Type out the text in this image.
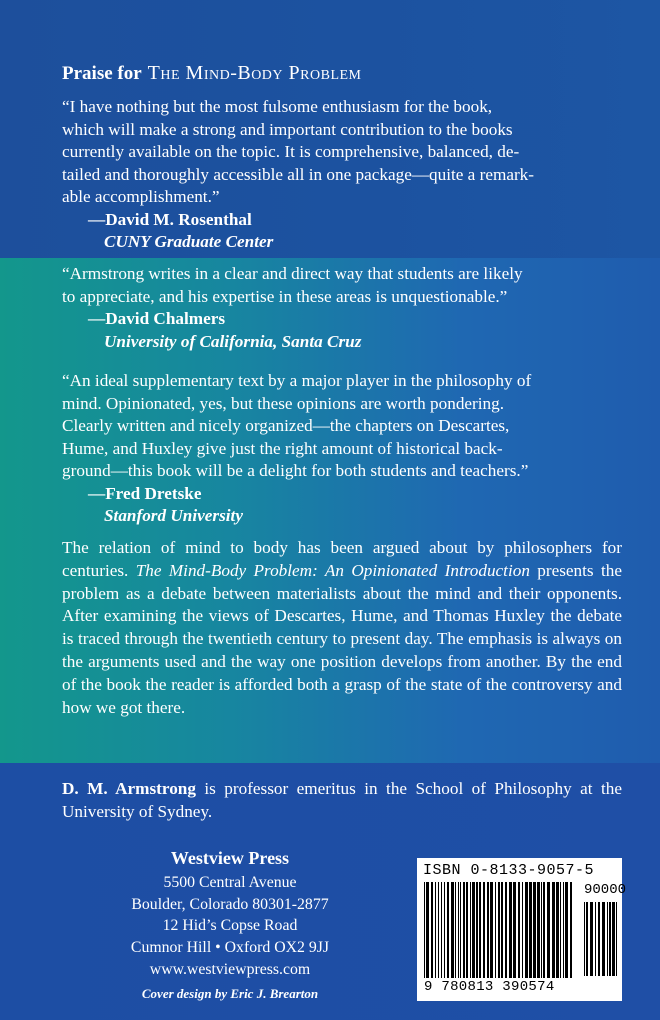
Praise for The Mind-Body Problem
“I have nothing but the most fulsome enthusiasm for the book,
which will make a strong and important contribution to the books
currently available on the topic. It is comprehensive, balanced, de-
tailed and thoroughly accessible all in one package—quite a remark-
able accomplishment.”
—David M. Rosenthal
CUNY Graduate Center
“Armstrong writes in a clear and direct way that students are likely
to appreciate, and his expertise in these areas is unquestionable.”
—David Chalmers
University of California, Santa Cruz
“An ideal supplementary text by a major player in the philosophy of
mind. Opinionated, yes, but these opinions are worth pondering.
Clearly written and nicely organized—the chapters on Descartes,
Hume, and Huxley give just the right amount of historical back-
ground—this book will be a delight for both students and teachers.”
—Fred Dretske
Stanford University
The relation of mind to body has been argued about by philosophers for centuries. The Mind-Body Problem: An Opinionated Introduction presents the problem as a debate between materialists about the mind and their opponents. After examining the views of Descartes, Hume, and Thomas Huxley the debate is traced through the twentieth century to present day. The emphasis is always on the arguments used and the way one position develops from another. By the end of the book the reader is afforded both a grasp of the state of the controversy and how we got there.
D. M. Armstrong is professor emeritus in the School of Philosophy at the University of Sydney.
Westview Press
5500 Central Avenue
Boulder, Colorado 80301-2877
12 Hid’s Copse Road
Cumnor Hill • Oxford OX2 9JJ
www.westviewpress.com
Cover design by Eric J. Brearton
ISBN 0-8133-9057-5
90000
9 780813 390574
